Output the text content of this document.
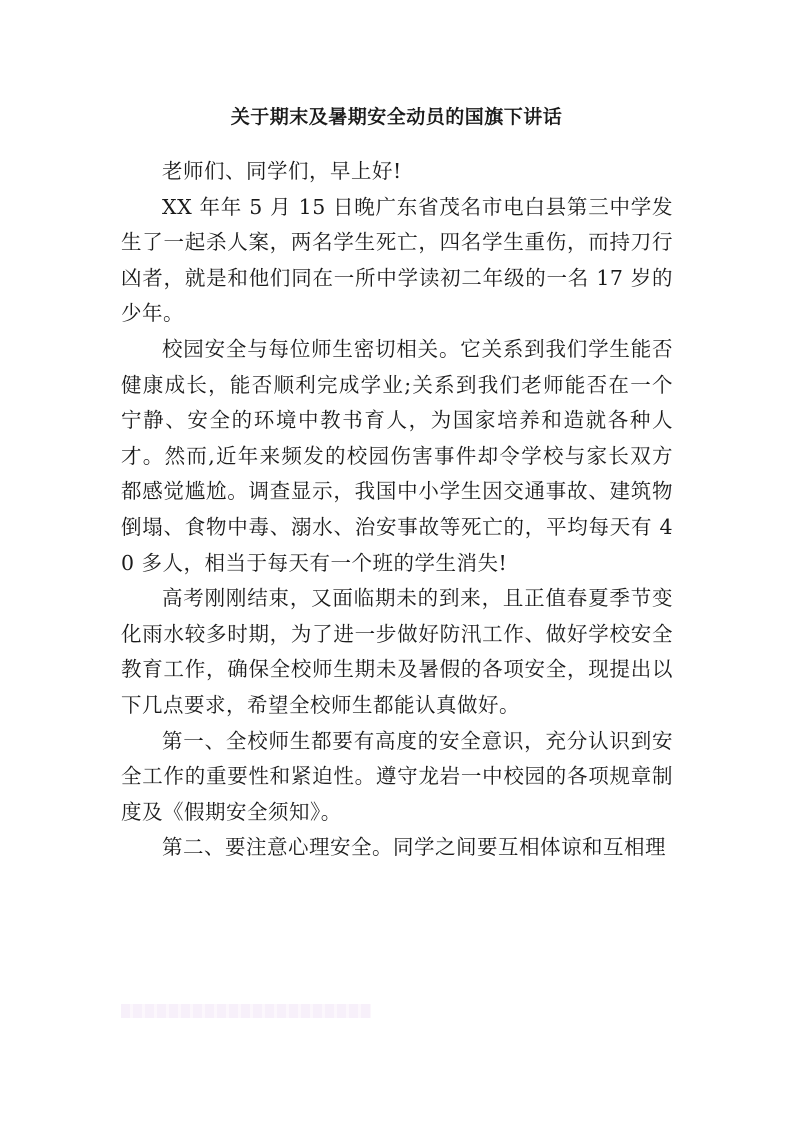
关于期末及暑期安全动员的国旗下讲话

老师们、同学们，早上好!

XX 年年 5 月 15 日晚广东省茂名市电白县第三中学发生了一起杀人案，两名学生死亡，四名学生重伤，而持刀行凶者，就是和他们同在一所中学读初二年级的一名 17 岁的少年。

校园安全与每位师生密切相关。它关系到我们学生能否健康成长，能否顺利完成学业;关系到我们老师能否在一个宁静、安全的环境中教书育人，为国家培养和造就各种人才。然而,近年来频发的校园伤害事件却令学校与家长双方都感觉尴尬。调查显示，我国中小学生因交通事故、建筑物倒塌、食物中毒、溺水、治安事故等死亡的，平均每天有 40 多人，相当于每天有一个班的学生消失!

高考刚刚结束，又面临期未的到来，且正值春夏季节变化雨水较多时期，为了进一步做好防汛工作、做好学校安全教育工作，确保全校师生期未及暑假的各项安全，现提出以下几点要求，希望全校师生都能认真做好。

第一、全校师生都要有高度的安全意识，充分认识到安全工作的重要性和紧迫性。遵守龙岩一中校园的各项规章制度及《假期安全须知》。

第二、要注意心理安全。同学之间要互相体谅和互相理
